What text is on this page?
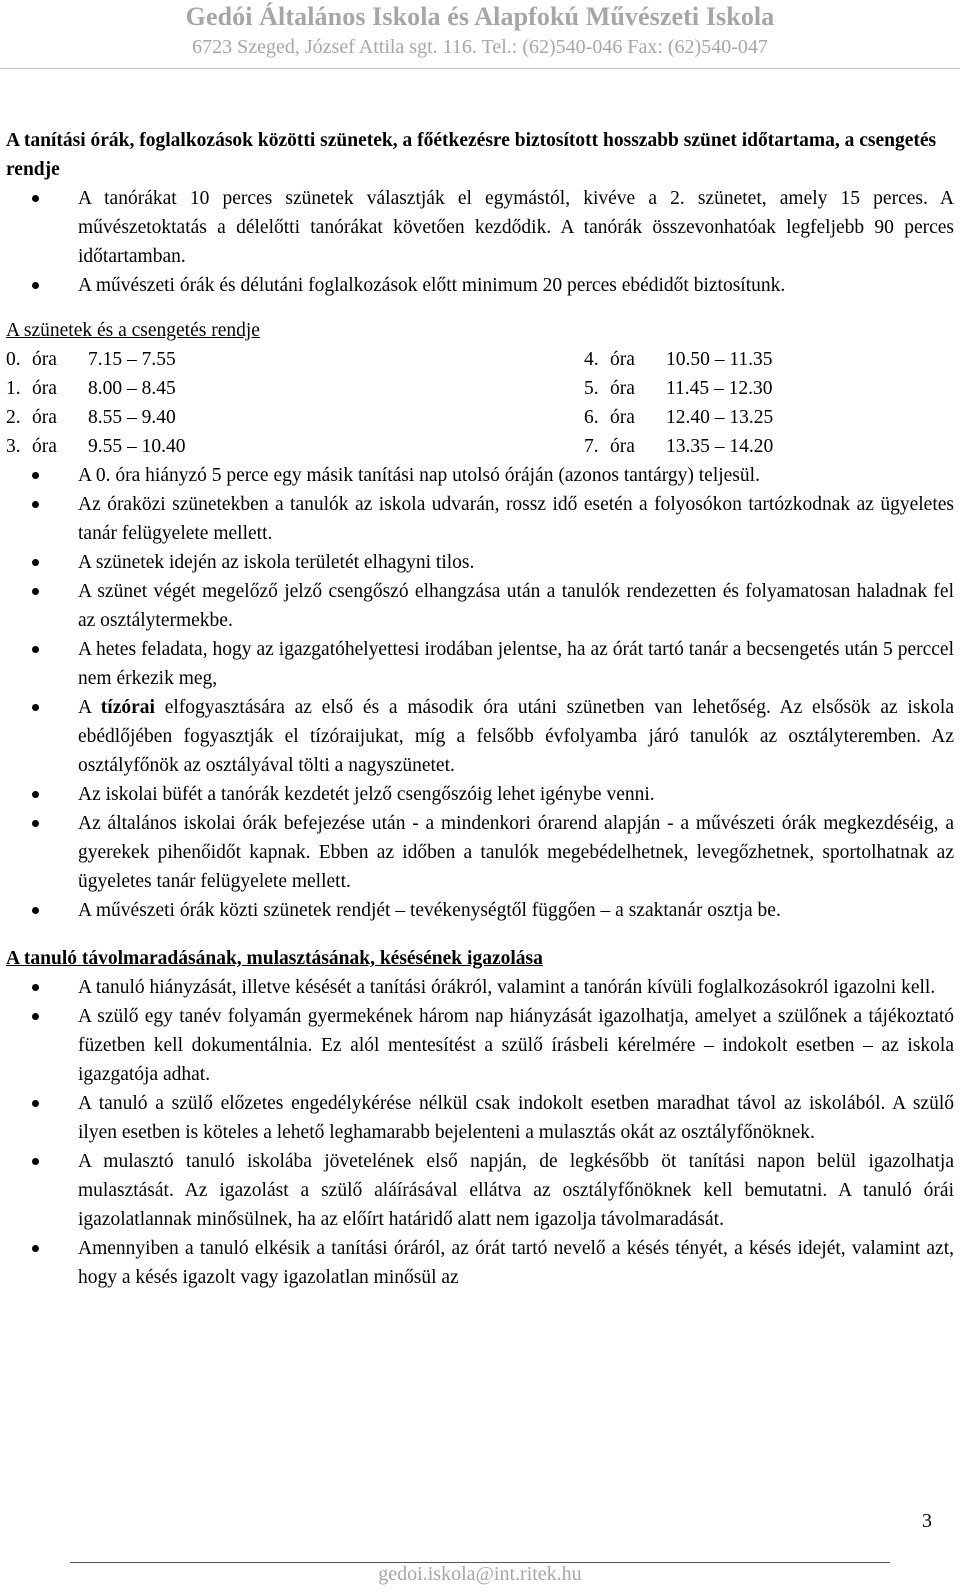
Gedói Általános Iskola és Alapfokú Művészeti Iskola
6723 Szeged, József Attila sgt. 116. Tel.: (62)540-046 Fax: (62)540-047
A tanítási órák, foglalkozások közötti szünetek, a főétkezésre biztosított hosszabb szünet időtartama, a csengetés rendje
A tanórákat 10 perces szünetek választják el egymástól, kivéve a 2. szünetet, amely 15 perces. A művészetoktatás a délelőtti tanórákat követően kezdődik. A tanórák összevonhatóak legfeljebb 90 perces időtartamban.
A művészeti órák és délutáni foglalkozások előtt minimum 20 perces ebédidőt biztosítunk.
A szünetek és a csengetés rendje
0. óra	7.15 – 7.55	4. óra	10.50 – 11.35
1. óra	8.00 – 8.45	5. óra	11.45 – 12.30
2. óra	8.55 – 9.40	6. óra	12.40 – 13.25
3. óra	9.55 – 10.40	7. óra	13.35 – 14.20
A 0. óra hiányzó 5 perce egy másik tanítási nap utolsó óráján (azonos tantárgy) teljesül.
Az óraközi szünetekben a tanulók az iskola udvarán, rossz idő esetén a folyosókon tartózkodnak az ügyeletes tanár felügyelete mellett.
A szünetek idején az iskola területét elhagyni tilos.
A szünet végét megelőző jelző csengőszó elhangzása után a tanulók rendezetten és folyamatosan haladnak fel az osztálytermekbe.
A hetes feladata, hogy az igazgatóhelyettesi irodában jelentse, ha az órát tartó tanár a becsengetés után 5 perccel nem érkezik meg,
A tízórai elfogyasztására az első és a második óra utáni szünetben van lehetőség. Az elsősök az iskola ebédlőjében fogyasztják el tízóraijukat, míg a felsőbb évfolyamba járó tanulók az osztályteremben. Az osztályfőnök az osztályával tölti a nagyszünetet.
Az iskolai büfét a tanórák kezdetét jelző csengőszóig lehet igénybe venni.
Az általános iskolai órák befejezése után - a mindenkori órarend alapján - a művészeti órák megkezdéséig, a gyerekek pihenőidőt kapnak. Ebben az időben a tanulók megebédelhetnek, levegőzhetnek, sportolhatnak az ügyeletes tanár felügyelete mellett.
A művészeti órák közti szünetek rendjét – tevékenységtől függően – a szaktanár osztja be.
A tanuló távolmaradásának, mulasztásának, késésének igazolása
A tanuló hiányzását, illetve késését a tanítási órákról, valamint a tanórán kívüli foglalkozásokról igazolni kell.
A szülő egy tanév folyamán gyermekének három nap hiányzását igazolhatja, amelyet a szülőnek a tájékoztató füzetben kell dokumentálnia. Ez alól mentesítést a szülő írásbeli kérelmére – indokolt esetben – az iskola igazgatója adhat.
A tanuló a szülő előzetes engedélykérése nélkül csak indokolt esetben maradhat távol az iskolából. A szülő ilyen esetben is köteles a lehető leghamarabb bejelenteni a mulasztás okát az osztályfőnöknek.
A mulasztó tanuló iskolába jövetelének első napján, de legkésőbb öt tanítási napon belül igazolhatja mulasztását. Az igazolást a szülő aláírásával ellátva az osztályfőnöknek kell bemutatni. A tanuló órái igazolatlannak minősülnek, ha az előírt határidő alatt nem igazolja távolmaradását.
Amennyiben a tanuló elkésik a tanítási óráról, az órát tartó nevelő a késés tényét, a késés idejét, valamint azt, hogy a késés igazolt vagy igazolatlan minősül az
3
gedoi.iskola@int.ritek.hu
